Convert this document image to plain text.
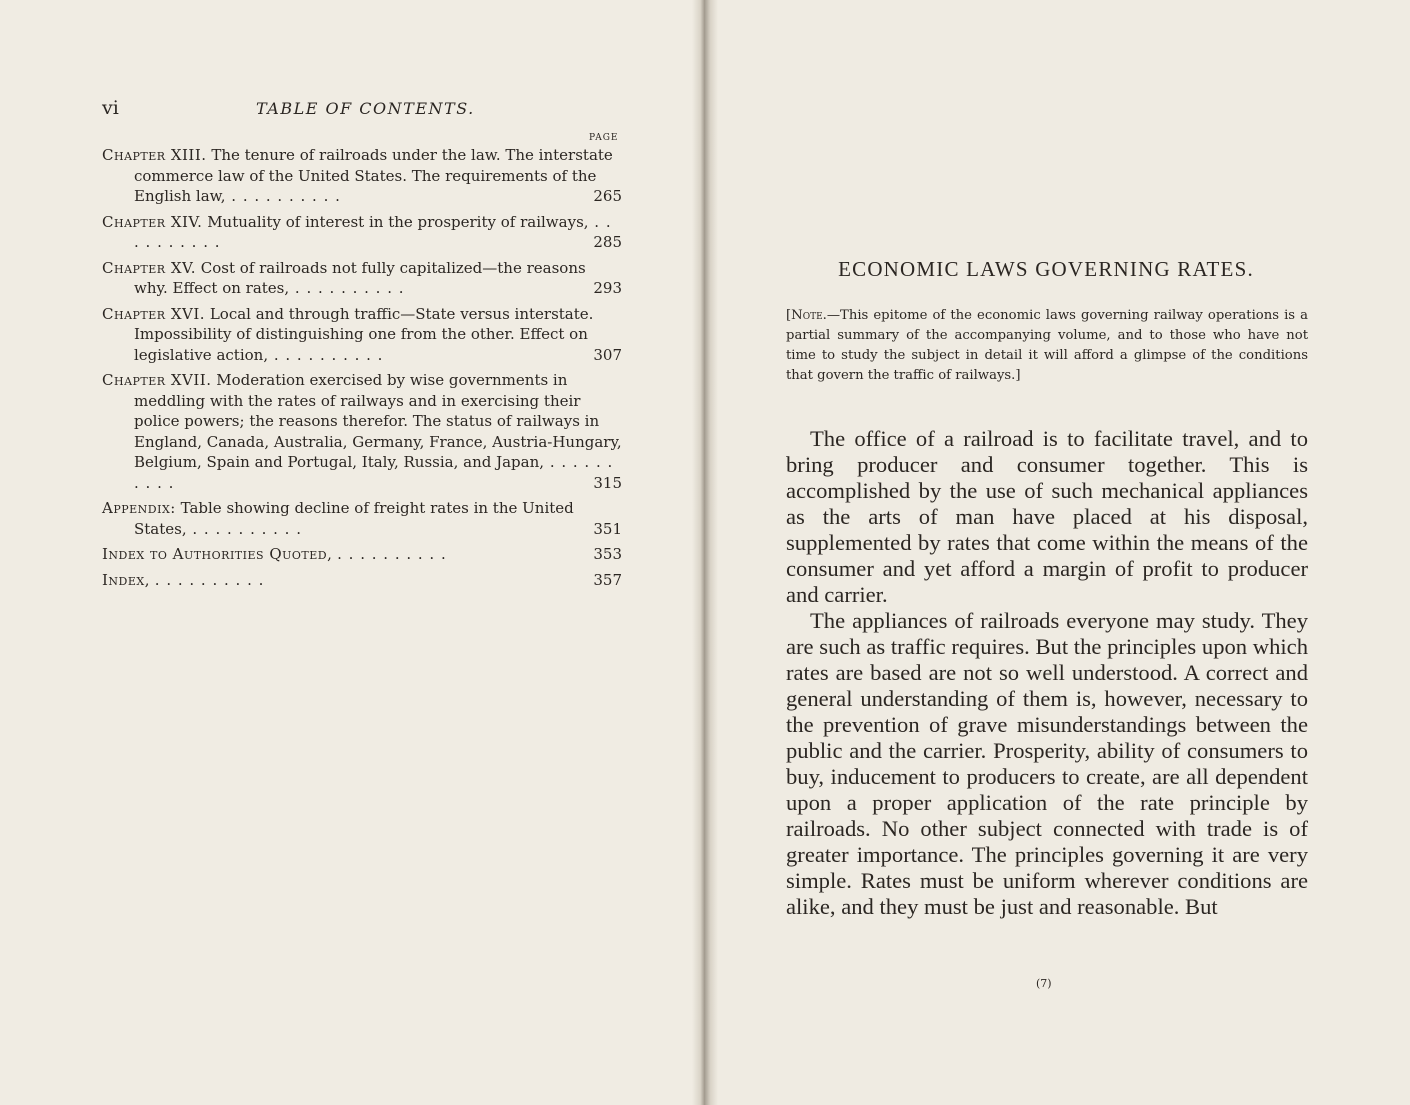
vi	TABLE OF CONTENTS.
PAGE
Chapter XIII. The tenure of railroads under the law. The interstate commerce law of the United States. The requirements of the English law, . . . . . . . . . .	265
Chapter XIV. Mutuality of interest in the prosperity of railways, . . . . . . . . . .	285
Chapter XV. Cost of railroads not fully capitalized—the reasons why. Effect on rates, . . . . . . . . . .	293
Chapter XVI. Local and through traffic—State versus interstate. Impossibility of distinguishing one from the other. Effect on legislative action, . . . . . . . . . .	307
Chapter XVII. Moderation exercised by wise governments in meddling with the rates of railways and in exercising their police powers; the reasons therefor. The status of railways in England, Canada, Australia, Germany, France, Austria-Hungary, Belgium, Spain and Portugal, Italy, Russia, and Japan, . . . . . . . . . .	315
Appendix: Table showing decline of freight rates in the United States, . . . . . . . . . .	351
Index to Authorities Quoted, . . . . . . . . . .	353
Index, . . . . . . . . . .	357
ECONOMIC LAWS GOVERNING RATES.
[Note.—This epitome of the economic laws governing railway operations is a partial summary of the accompanying volume, and to those who have not time to study the subject in detail it will afford a glimpse of the conditions that govern the traffic of railways.]

The office of a railroad is to facilitate travel, and to bring producer and consumer together. This is accomplished by the use of such mechanical appliances as the arts of man have placed at his disposal, supplemented by rates that come within the means of the consumer and yet afford a margin of profit to producer and carrier.

The appliances of railroads everyone may study. They are such as traffic requires. But the principles upon which rates are based are not so well understood. A correct and general understanding of them is, however, necessary to the prevention of grave misunderstandings between the public and the carrier. Prosperity, ability of consumers to buy, inducement to producers to create, are all dependent upon a proper application of the rate principle by railroads. No other subject connected with trade is of greater importance. The principles governing it are very simple. Rates must be uniform wherever conditions are alike, and they must be just and reasonable. But

(7)
